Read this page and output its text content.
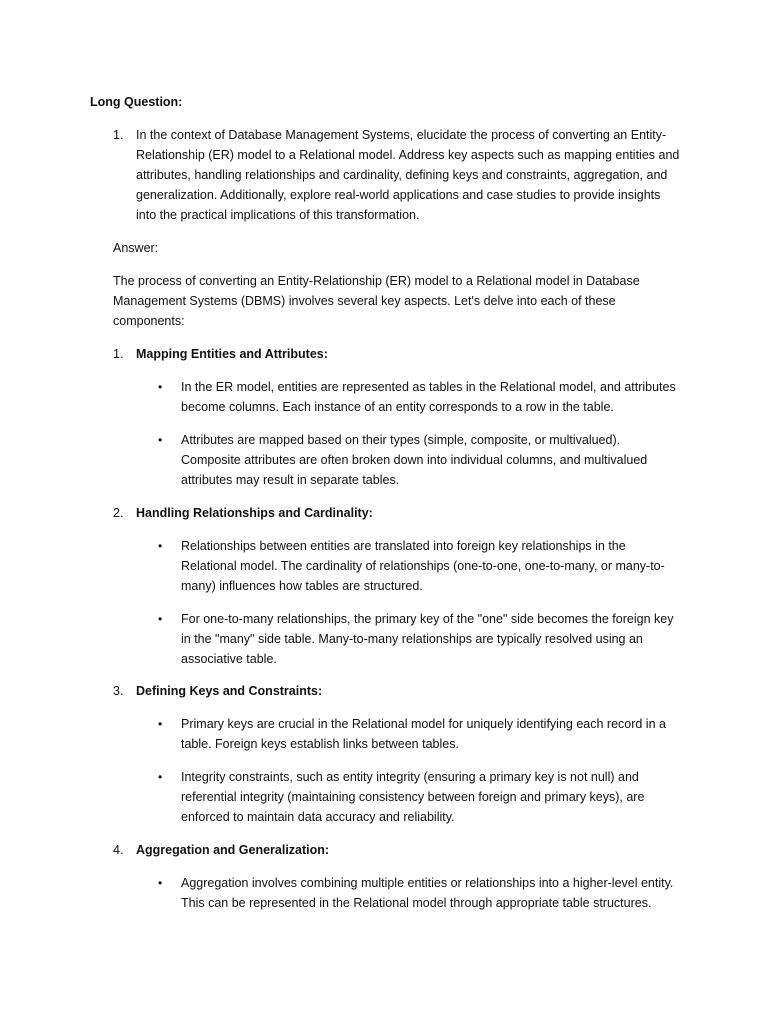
Long Question:
1. In the context of Database Management Systems, elucidate the process of converting an Entity-Relationship (ER) model to a Relational model. Address key aspects such as mapping entities and attributes, handling relationships and cardinality, defining keys and constraints, aggregation, and generalization. Additionally, explore real-world applications and case studies to provide insights into the practical implications of this transformation.
Answer:
The process of converting an Entity-Relationship (ER) model to a Relational model in Database Management Systems (DBMS) involves several key aspects. Let's delve into each of these components:
1. Mapping Entities and Attributes:
• In the ER model, entities are represented as tables in the Relational model, and attributes become columns. Each instance of an entity corresponds to a row in the table.
• Attributes are mapped based on their types (simple, composite, or multivalued). Composite attributes are often broken down into individual columns, and multivalued attributes may result in separate tables.
2. Handling Relationships and Cardinality:
• Relationships between entities are translated into foreign key relationships in the Relational model. The cardinality of relationships (one-to-one, one-to-many, or many-to-many) influences how tables are structured.
• For one-to-many relationships, the primary key of the "one" side becomes the foreign key in the "many" side table. Many-to-many relationships are typically resolved using an associative table.
3. Defining Keys and Constraints:
• Primary keys are crucial in the Relational model for uniquely identifying each record in a table. Foreign keys establish links between tables.
• Integrity constraints, such as entity integrity (ensuring a primary key is not null) and referential integrity (maintaining consistency between foreign and primary keys), are enforced to maintain data accuracy and reliability.
4. Aggregation and Generalization:
• Aggregation involves combining multiple entities or relationships into a higher-level entity. This can be represented in the Relational model through appropriate table structures.
